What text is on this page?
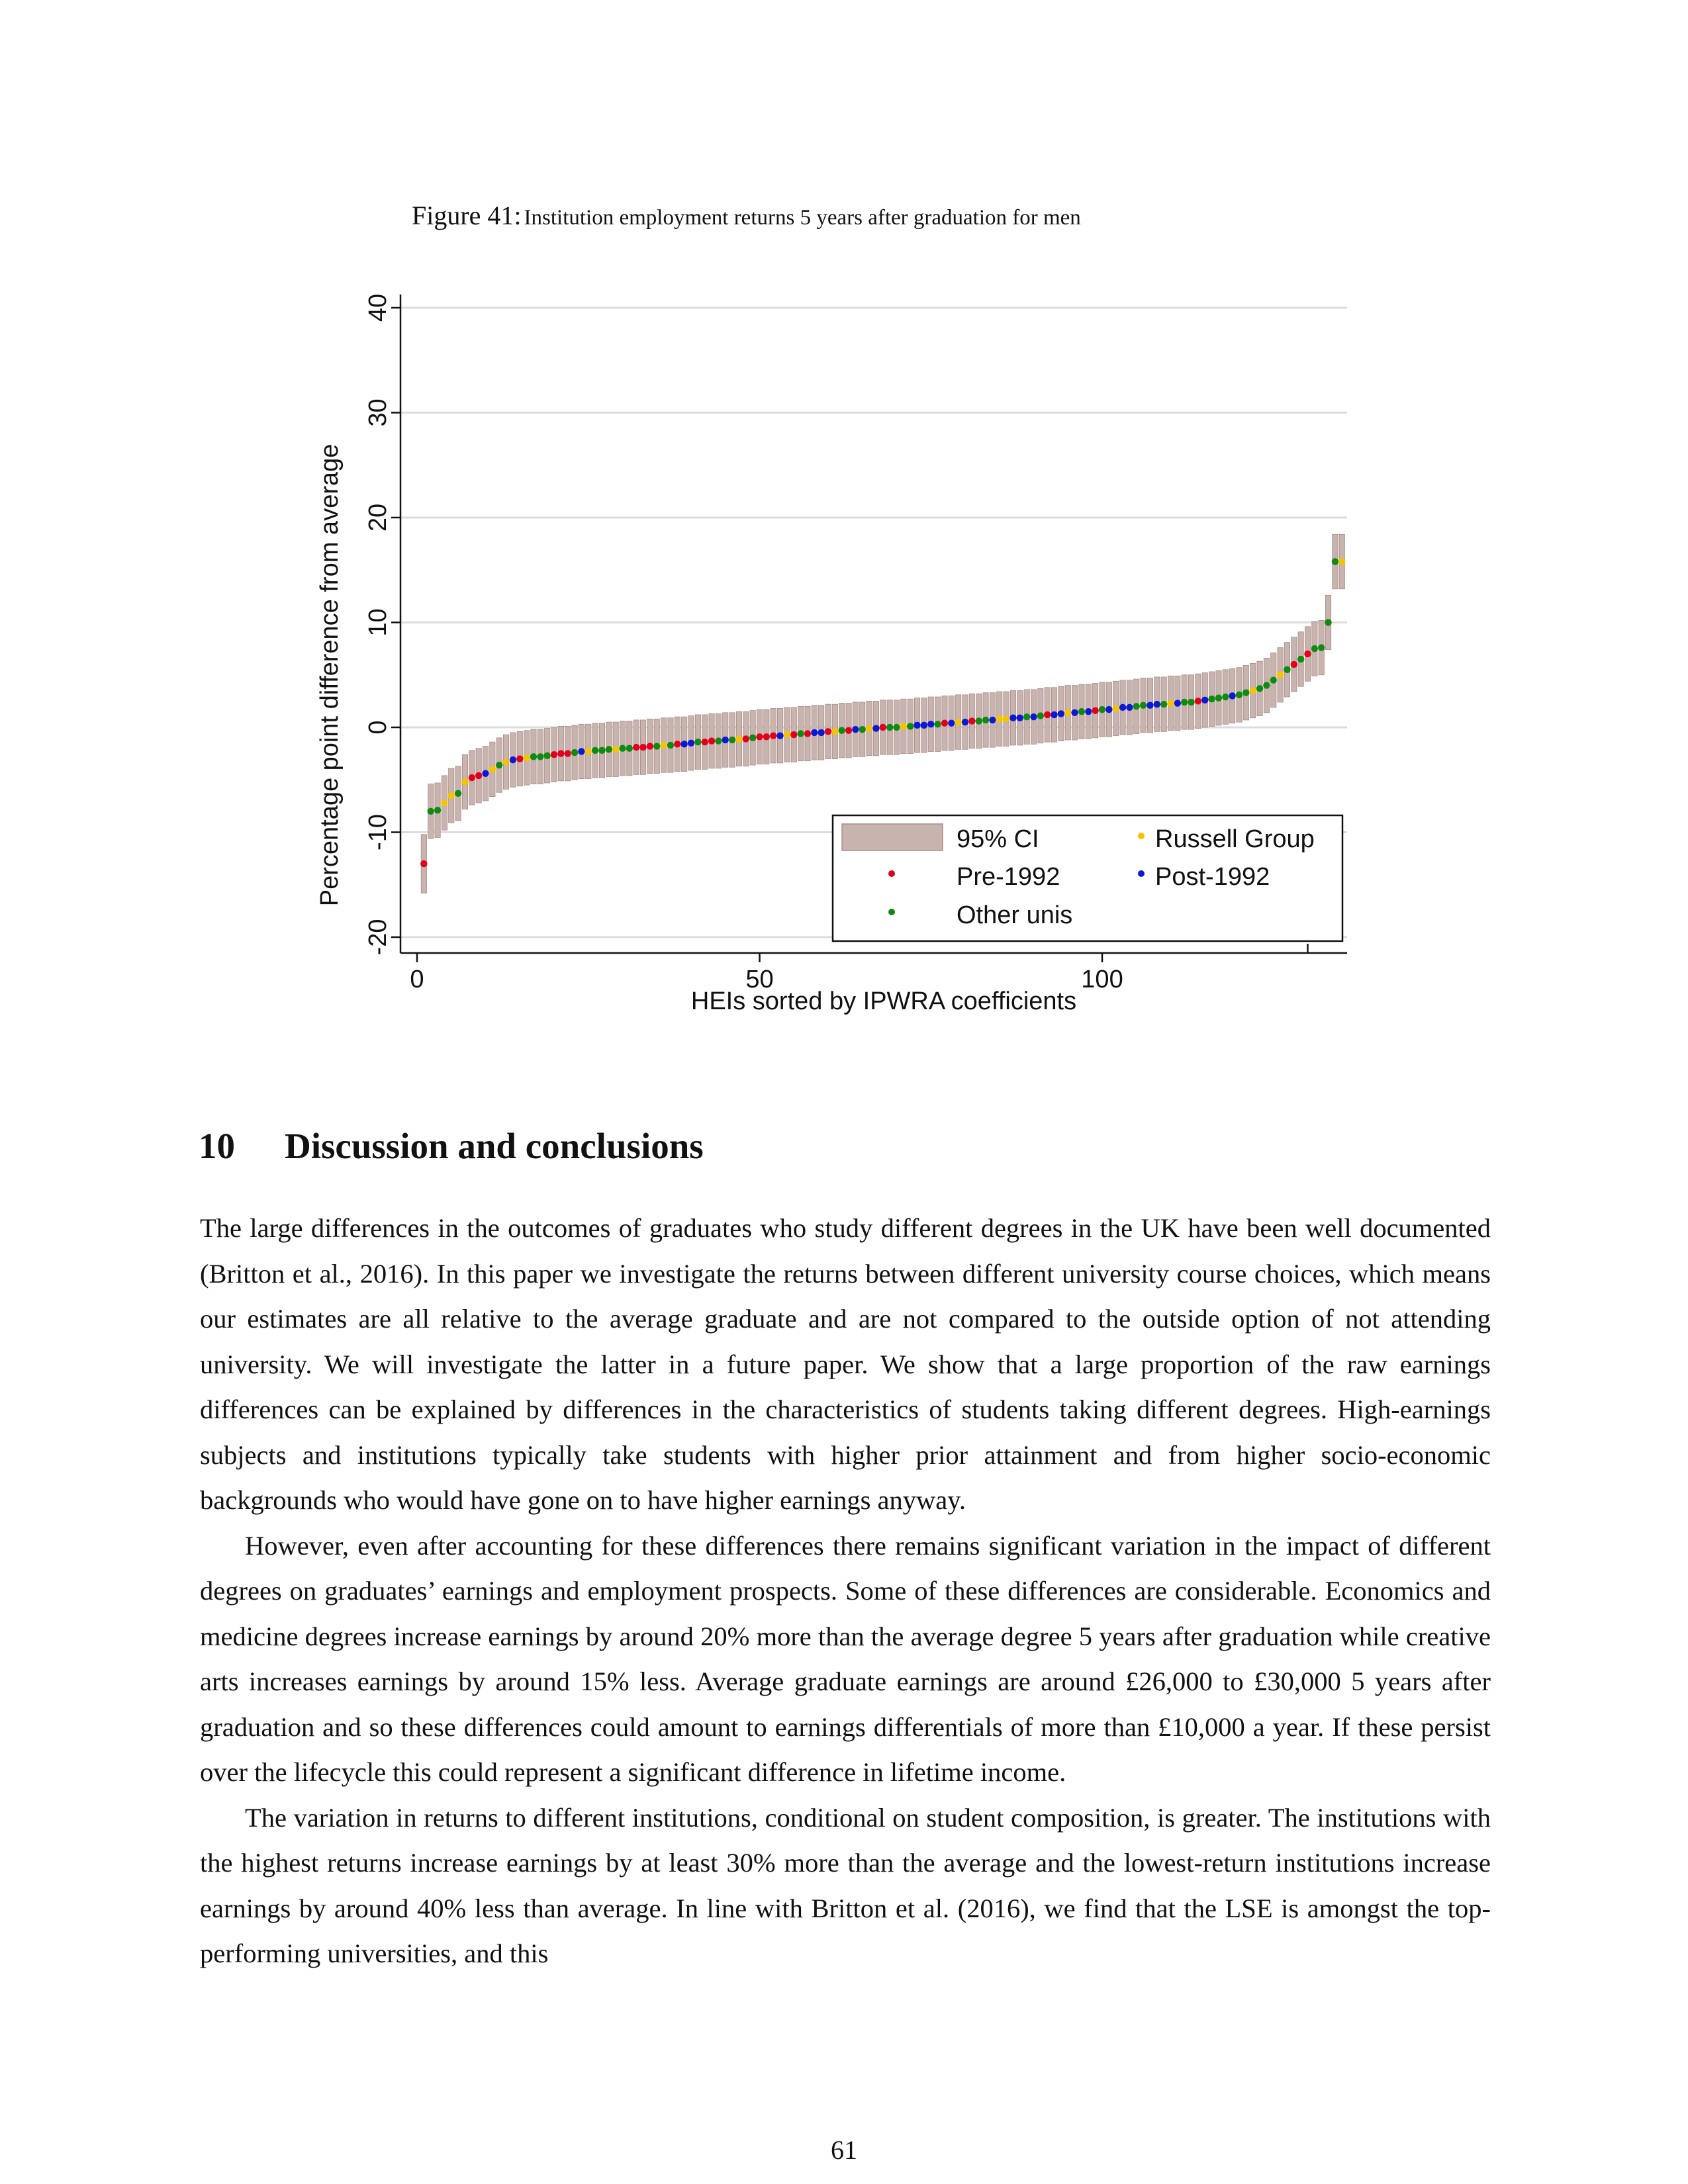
Figure 41: Institution employment returns 5 years after graduation for men
-20
-10
0
10
20
30
40
0	50	100
95% CI	Russell Group
Pre-1992	Post-1992
Other unis
HEIs sorted by IPWRA coefficients
Percentage point difference from average
10 Discussion and conclusions

The large differences in the outcomes of graduates who study different degrees in the UK have been well documented (Britton et al., 2016). In this paper we investigate the returns between different university course choices, which means our estimates are all relative to the average graduate and are not compared to the outside option of not attending university. We will investigate the latter in a future paper. We show that a large proportion of the raw earnings differences can be explained by differences in the characteristics of students taking different degrees. High-earnings subjects and institutions typically take students with higher prior attainment and from higher socio-economic backgrounds who would have gone on to have higher earnings anyway.

However, even after accounting for these differences there remains significant variation in the impact of different degrees on graduates’ earnings and employment prospects. Some of these differences are considerable. Economics and medicine degrees increase earnings by around 20% more than the average degree 5 years after graduation while creative arts increases earnings by around 15% less. Average graduate earnings are around £26,000 to £30,000 5 years after graduation and so these differences could amount to earnings differentials of more than £10,000 a year. If these persist over the lifecycle this could represent a significant difference in lifetime income.

The variation in returns to different institutions, conditional on student composition, is greater. The institutions with the highest returns increase earnings by at least 30% more than the average and the lowest-return institutions increase earnings by around 40% less than average. In line with Britton et al. (2016), we find that the LSE is amongst the top-performing universities, and this

61
